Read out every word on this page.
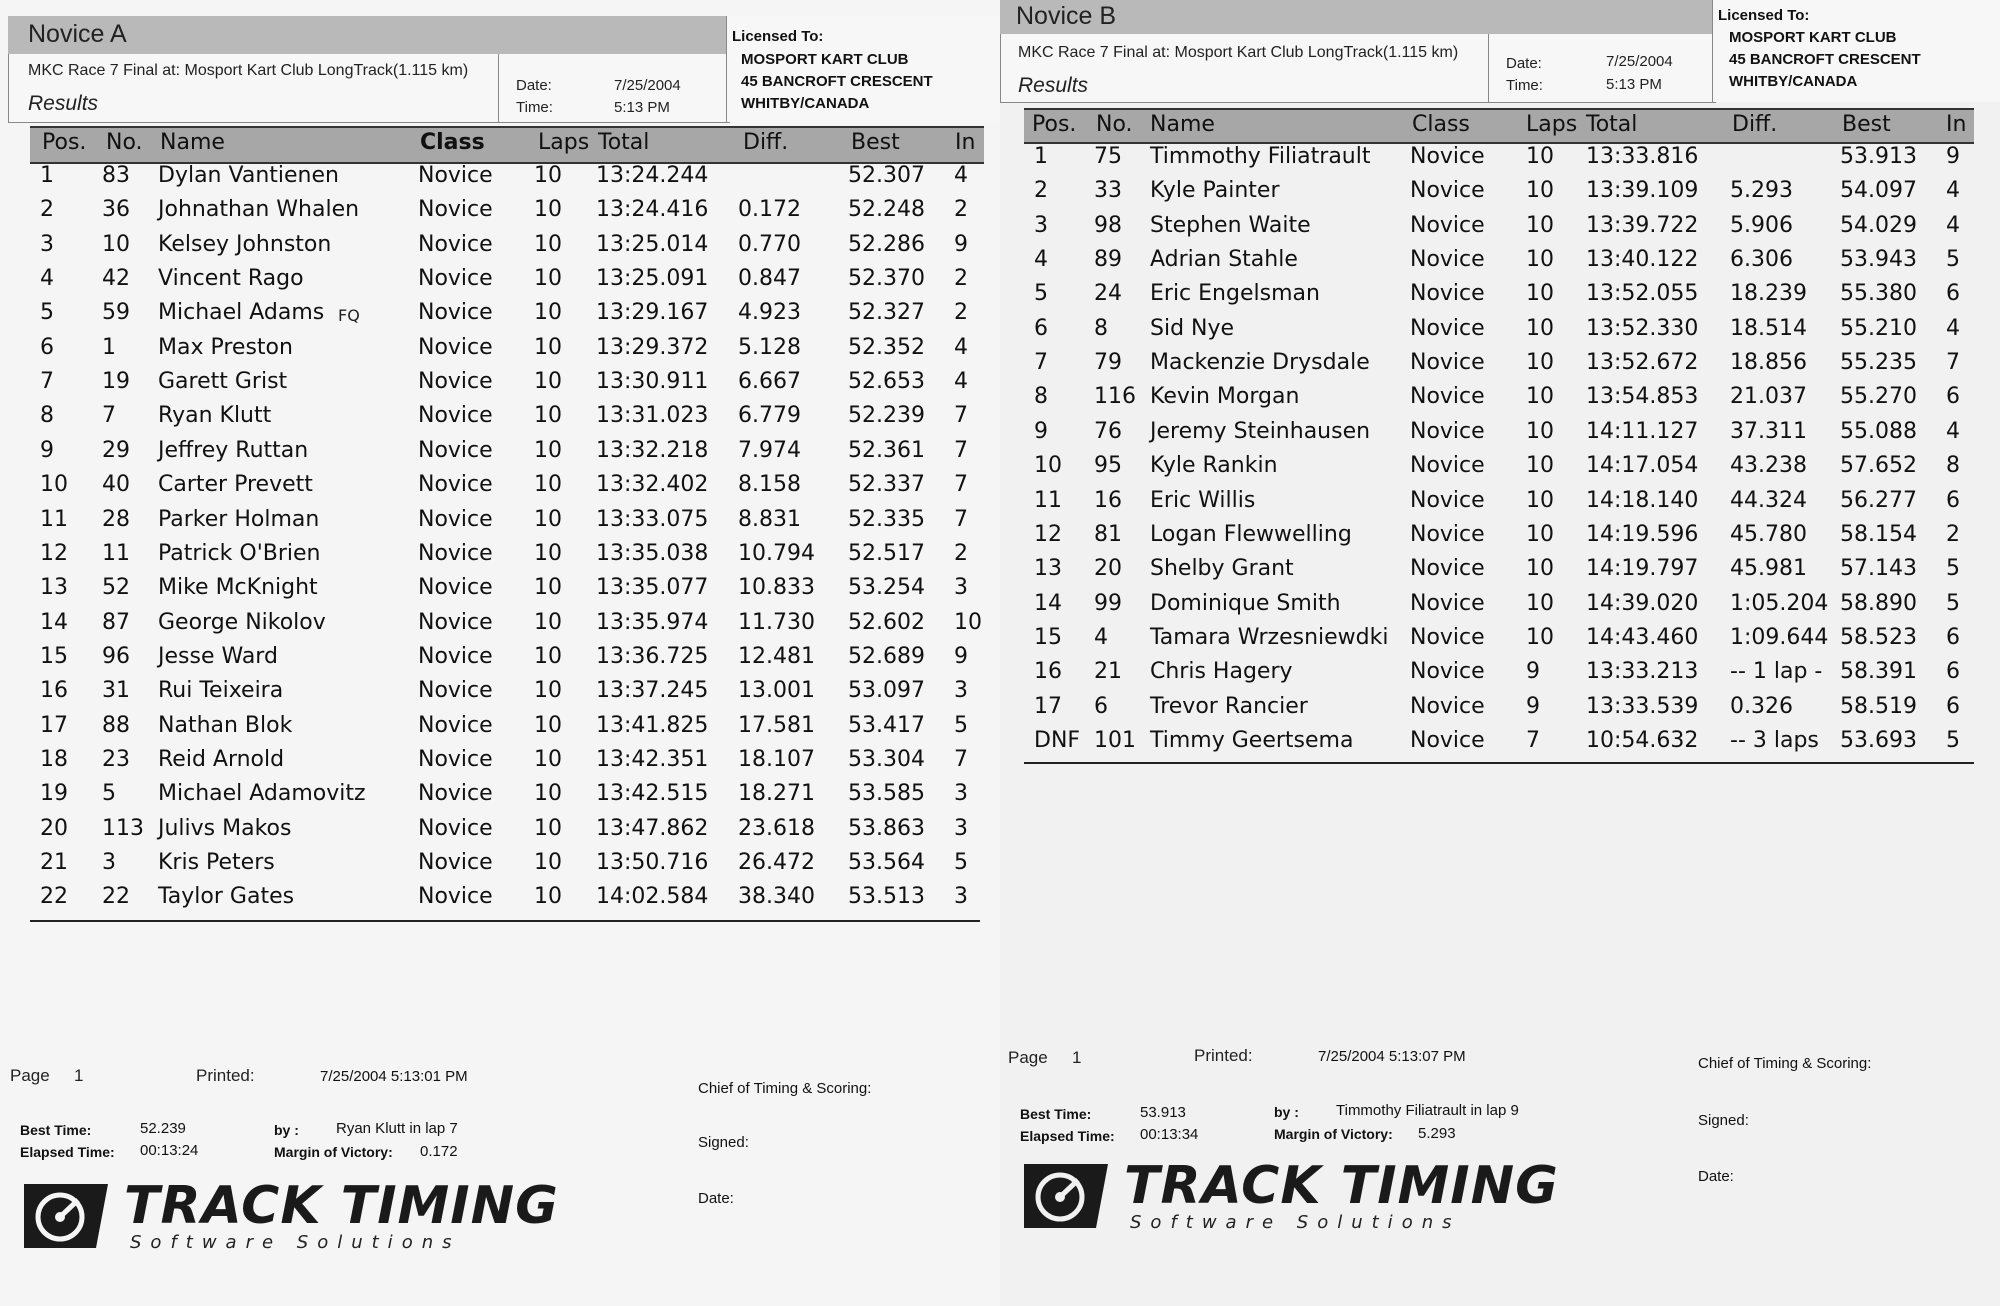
Novice A
MKC Race 7 Final at: Mosport Kart Club LongTrack(1.115 km)
Results
Date:	7/25/2004
Time:	5:13 PM
Licensed To:
MOSPORT KART CLUB
45 BANCROFT CRESCENT
WHITBY/CANADA
Pos. No. Name	Class Laps Total	Diff.	Best	In
1 83 Dylan Vantienen	Novice 10 13:24.244	52.307 4
2 36 Johnathan Whalen	Novice 10 13:24.416 0.172 52.248 2
3 10 Kelsey Johnston	Novice 10 13:25.014 0.770 52.286 9
4 42 Vincent Rago	Novice 10 13:25.091 0.847 52.370 2
5 59 Michael Adams	Novice 10 13:29.167 4.923 52.327 2
6 1 Max Preston	Novice 10 13:29.372 5.128 52.352 4
7 19 Garett Grist	Novice 10 13:30.911 6.667 52.653 4
8 7 Ryan Klutt	Novice 10 13:31.023 6.779 52.239 7
9 29 Jeffrey Ruttan	Novice 10 13:32.218 7.974 52.361 7
10 40 Carter Prevett	Novice 10 13:32.402 8.158 52.337 7
11 28 Parker Holman	Novice 10 13:33.075 8.831 52.335 7
12 11 Patrick O'Brien	Novice 10 13:35.038 10.794 52.517 2
13 52 Mike McKnight	Novice 10 13:35.077 10.833 53.254 3
14 87 George Nikolov	Novice 10 13:35.974 11.730 52.602 10
15 96 Jesse Ward	Novice 10 13:36.725 12.481 52.689 9
16 31 Rui Teixeira	Novice 10 13:37.245 13.001 53.097 3
17 88 Nathan Blok	Novice 10 13:41.825 17.581 53.417 5
18 23 Reid Arnold	Novice 10 13:42.351 18.107 53.304 7
19 5 Michael Adamovitz Novice 10 13:42.515 18.271 53.585 3
20 113 Julivs Makos	Novice 10 13:47.862 23.618 53.863 3
21 3 Kris Peters	Novice 10 13:50.716 26.472 53.564 5
22 22 Taylor Gates	Novice 10 14:02.584 38.340 53.513 3
FQ
Page 1	Printed:	7/25/2004 5:13:01 PM
Best Time:	52.239	by : Ryan Klutt in lap 7
Elapsed Time: 00:13:24	Margin of Victory: 0.172
Chief of Timing & Scoring:
Signed:
Date:
TRACK TIMING
Software Solutions
Novice B
MKC Race 7 Final at: Mosport Kart Club LongTrack(1.115 km)
Results
Date:	7/25/2004
Time:	5:13 PM
Licensed To:
MOSPORT KART CLUB
45 BANCROFT CRESCENT
WHITBY/CANADA
Pos. No. Name	Class	Laps Total	Diff.	Best	In
1 75 Timmothy Filiatrault Novice 10 13:33.816	53.913 9
2 33 Kyle Painter	Novice 10 13:39.109 5.293 54.097 4
3 98 Stephen Waite	Novice 10 13:39.722 5.906 54.029 4
4 89 Adrian Stahle	Novice 10 13:40.122 6.306 53.943 5
5 24 Eric Engelsman	Novice 10 13:52.055 18.239 55.380 6
6 8 Sid Nye	Novice 10 13:52.330 18.514 55.210 4
7 79 Mackenzie Drysdale Novice 10 13:52.672 18.856 55.235 7
8 116 Kevin Morgan	Novice 10 13:54.853 21.037 55.270 6
9 76 Jeremy Steinhausen Novice 10 14:11.127 37.311 55.088 4
10 95 Kyle Rankin	Novice 10 14:17.054 43.238 57.652 8
11 16 Eric Willis	Novice 10 14:18.140 44.324 56.277 6
12 81 Logan Flewwelling	Novice 10 14:19.596 45.780 58.154 2
13 20 Shelby Grant	Novice 10 14:19.797 45.981 57.143 5
14 99 Dominique Smith	Novice 10 14:39.020 1:05.204 58.890 5
15 4 Tamara Wrzesniewdki Novice 10 14:43.460 1:09.644 58.523 6
16 21 Chris Hagery	Novice 9 13:33.213 -- 1 lap - 58.391 6
17 6 Trevor Rancier	Novice 9 13:33.539 0.326 58.519 6
DNF 101 Timmy Geertsema	Novice 7 10:54.632 -- 3 laps 53.693 5
Page 1	Printed:	7/25/2004 5:13:07 PM
Best Time:	53.913	by : Timmothy Filiatrault in lap 9
Elapsed Time: 00:13:34	Margin of Victory: 5.293
Chief of Timing & Scoring:
Signed:
Date:
TRACK TIMING
Software Solutions
